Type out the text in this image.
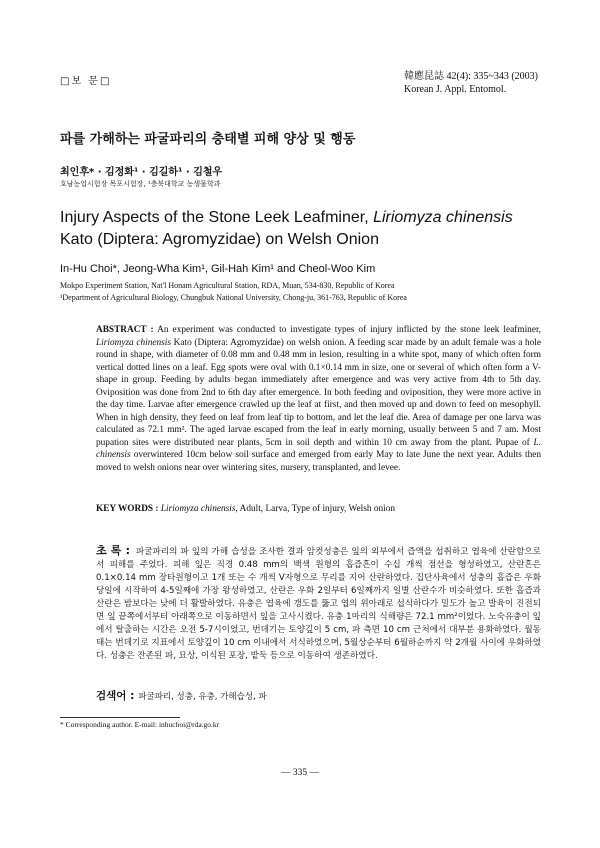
□보 문□	韓應昆誌 42(4): 335~343 (2003)
Korean J. Appl. Entomol.
파를 가해하는 파굴파리의 충태별 피해 양상 및 행동
최인후* · 김정화¹ · 김길하¹ · 김철우
호남농업시험장 목포시험장, ¹충북대학교 농생물학과
Injury Aspects of the Stone Leek Leafminer, Liriomyza chinensis Kato (Diptera: Agromyzidae) on Welsh Onion
In-Hu Choi*, Jeong-Wha Kim¹, Gil-Hah Kim¹ and Cheol-Woo Kim
Mokpo Experiment Station, Nat'l Honam Agricultural Station, RDA, Muan, 534-830, Republic of Korea
¹Department of Agricultural Biology, Chungbuk National University, Chong-ju, 361-763, Republic of Korea
ABSTRACT : An experiment was conducted to investigate types of injury inflicted by the stone leek leafminer, Liriomyza chinensis Kato (Diptera: Agromyzidae) on welsh onion. A feeding scar made by an adult female was a hole round in shape, with diameter of 0.08 mm and 0.48 mm in lesion, resulting in a white spot, many of which often form vertical dotted lines on a leaf. Egg spots were oval with 0.1×0.14 mm in size, one or several of which often form a V-shape in group. Feeding by adults began immediately after emergence and was very active from 4th to 5th day. Oviposition was done from 2nd to 6th day after emergence. In both feeding and oviposition, they were more active in the day time. Larvae after emergence crawled up the leaf at first, and then moved up and down to feed on mesophyll. When in high density, they feed on leaf from leaf tip to bottom, and let the leaf die. Area of damage per one larva was calculated as 72.1 mm². The aged larvae escaped from the leaf in early morning, usually between 5 and 7 am. Most pupation sites were distributed near plants, 5cm in soil depth and within 10 cm away from the plant. Pupae of L. chinensis overwintered 10cm below soil surface and emerged from early May to late June the next year. Adults then moved to welsh onions near over wintering sites, nursery, transplanted, and levee.
KEY WORDS : Liriomyza chinensis, Adult, Larva, Type of injury, Welsh onion
초 록 : 파굴파리의 파 잎의 가해 습성을 조사한 결과 암컷성충은 잎의 외부에서 즙액을 섭취하고 엽육에 산란함으로서 피해를 주었다. 피해 잎은 직경 0.48 mm의 백색 원형의 흡즙흔이 수십 개씩 점선을 형성하였고, 산란흔은 0.1×0.14 mm 장타원형이고 1개 또는 수 개씩 V자형으로 무리를 지어 산란하였다. 집단사육에서 성충의 흡즙은 우화당일에 시작하여 4-5일째에 가장 왕성하였고, 산란은 우화 2일부터 6일째까지 일별 산란수가 비슷하였다. 또한 흡즙과 산란은 밤보다는 낮에 더 활발하였다. 유충은 엽육에 갱도를 뚫고 엽의 위아래로 섭식하다가 밀도가 높고 발육이 진전되면 잎 끝쪽에서부터 아래쪽으로 이동하면서 잎을 고사시켰다. 유충 1마리의 식해량은 72.1 mm²이었다. 노숙유충이 잎에서 탈출하는 시간은 오전 5-7시이었고, 번데기는 토양깊이 5 cm, 파 측면 10 cm 근처에서 대부분 용화하였다. 월동태는 번데기로 지표에서 토양깊이 10 cm 이내에서 서식하였으며, 5월상순부터 6월하순까지 약 2개월 사이에 우화하였다. 성충은 잔존된 파, 묘상, 이식된 포장, 밭둑 등으로 이동하여 생존하였다.
검색어 : 파굴파리, 성충, 유충, 가해습성, 파
* Corresponding author. E-mail: inhuchoi@rda.go.kr
— 335 —
